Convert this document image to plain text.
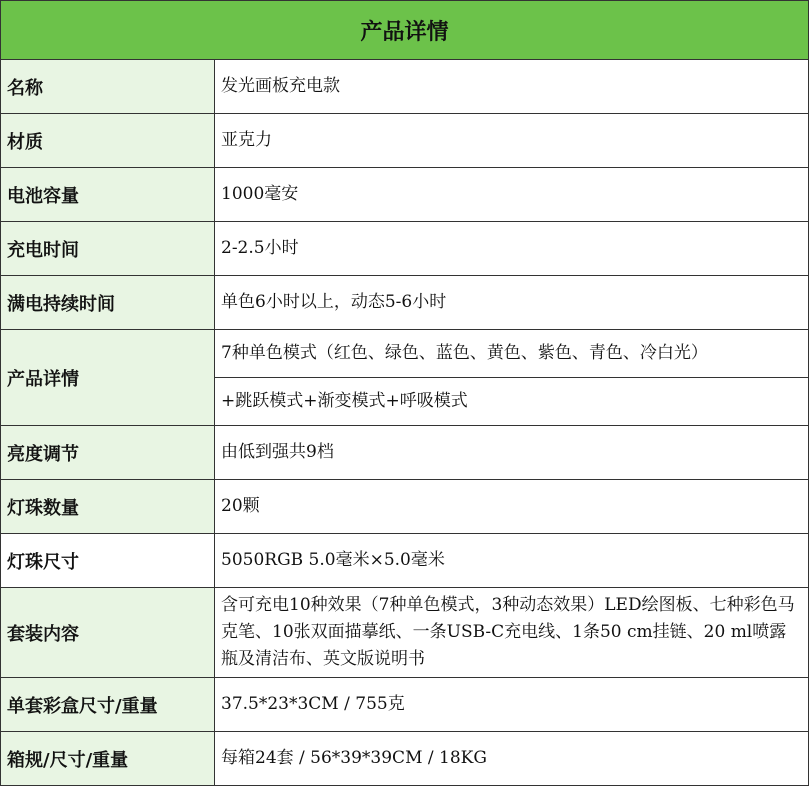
产品详情	
名称	发光画板充电款
材质	亚克力
电池容量	1000毫安
充电时间	2-2.5小时
满电持续时间	单色6小时以上，动态5-6小时
产品详情	7种单色模式（红色、绿色、蓝色、黄色、紫色、青色、冷白光）
	+跳跃模式+渐变模式+呼吸模式
亮度调节	由低到强共9档
灯珠数量	20颗
灯珠尺寸	5050RGB 5.0毫米×5.0毫米
套装内容	含可充电10种效果（7种单色模式，3种动态效果）LED绘图板、七种彩色马克笔、10张双面描摹纸、一条USB-C充电线、1条50 cm挂链、20 ml喷露瓶及清洁布、英文版说明书
单套彩盒尺寸/重量	37.5*23*3CM / 755克
箱规/尺寸/重量	每箱24套 / 56*39*39CM / 18KG
